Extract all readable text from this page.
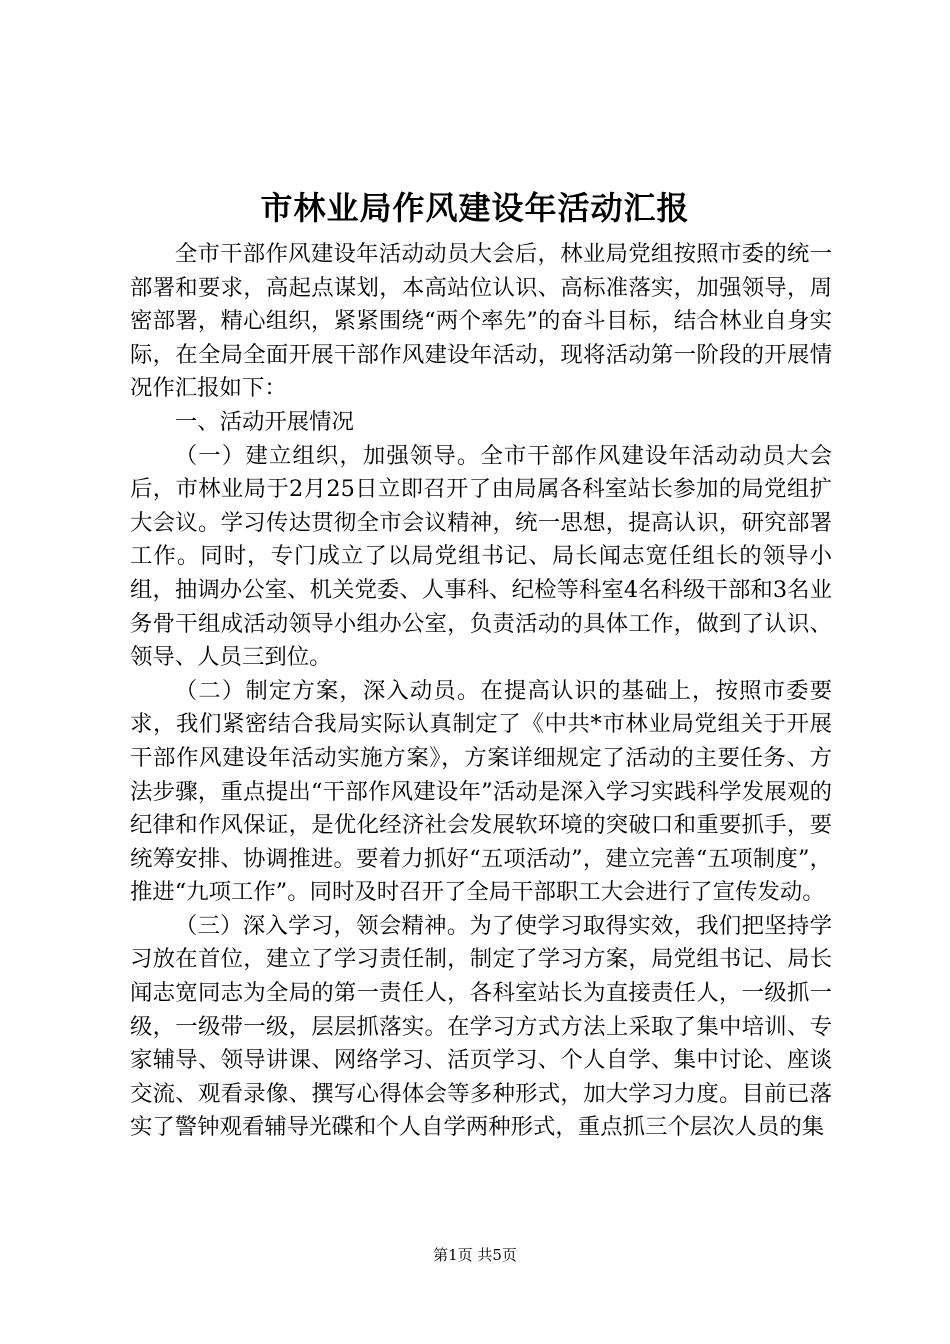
市林业局作风建设年活动汇报

全市干部作风建设年活动动员大会后，林业局党组按照市委的统一部署和要求，高起点谋划，本高站位认识、高标准落实，加强领导，周密部署，精心组织，紧紧围绕“两个率先”的奋斗目标，结合林业自身实际，在全局全面开展干部作风建设年活动，现将活动第一阶段的开展情况作汇报如下：

一、活动开展情况

（一）建立组织，加强领导。全市干部作风建设年活动动员大会后，市林业局于2月25日立即召开了由局属各科室站长参加的局党组扩大会议。学习传达贯彻全市会议精神，统一思想，提高认识，研究部署工作。同时，专门成立了以局党组书记、局长闻志宽任组长的领导小组，抽调办公室、机关党委、人事科、纪检等科室4名科级干部和3名业务骨干组成活动领导小组办公室，负责活动的具体工作，做到了认识、领导、人员三到位。

（二）制定方案，深入动员。在提高认识的基础上，按照市委要求，我们紧密结合我局实际认真制定了《中共*市林业局党组关于开展干部作风建设年活动实施方案》，方案详细规定了活动的主要任务、方法步骤，重点提出“干部作风建设年”活动是深入学习实践科学发展观的纪律和作风保证，是优化经济社会发展软环境的突破口和重要抓手，要统筹安排、协调推进。要着力抓好“五项活动”，建立完善“五项制度”，推进“九项工作”。同时及时召开了全局干部职工大会进行了宣传发动。

（三）深入学习，领会精神。为了使学习取得实效，我们把坚持学习放在首位，建立了学习责任制，制定了学习方案，局党组书记、局长闻志宽同志为全局的第一责任人，各科室站长为直接责任人，一级抓一级，一级带一级，层层抓落实。在学习方式方法上采取了集中培训、专家辅导、领导讲课、网络学习、活页学习、个人自学、集中讨论、座谈交流、观看录像、撰写心得体会等多种形式，加大学习力度。目前已落实了警钟观看辅导光碟和个人自学两种形式，重点抓三个层次人员的集

第1页 共5页
